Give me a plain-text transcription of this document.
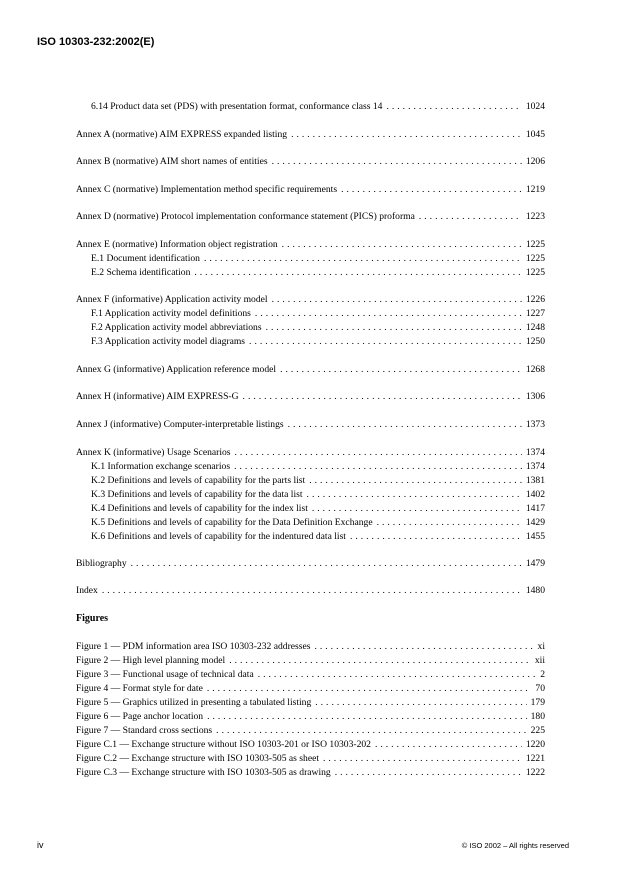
ISO 10303-232:2002(E)
6.14 Product data set (PDS) with presentation format, conformance class 14 . . .	1024
Annex A (normative) AIM EXPRESS expanded listing . . .	1045
Annex B (normative) AIM short names of entities . . .	1206
Annex C (normative) Implementation method specific requirements . . .	1219
Annex D (normative) Protocol implementation conformance statement (PICS) proforma . . .	1223
Annex E (normative) Information object registration . . .	1225
E.1 Document identification . . .	1225
E.2 Schema identification . . .	1225
Annex F (informative) Application activity model . . .	1226
F.1 Application activity model definitions . . .	1227
F.2 Application activity model abbreviations . . .	1248
F.3 Application activity model diagrams . . .	1250
Annex G (informative) Application reference model . . .	1268
Annex H (informative) AIM EXPRESS-G . . .	1306
Annex J (informative) Computer-interpretable listings . . .	1373
Annex K (informative) Usage Scenarios . . .	1374
K.1 Information exchange scenarios . . .	1374
K.2 Definitions and levels of capability for the parts list . . .	1381
K.3 Definitions and levels of capability for the data list . . .	1402
K.4 Definitions and levels of capability for the index list . . .	1417
K.5 Definitions and levels of capability for the Data Definition Exchange . . .	1429
K.6 Definitions and levels of capability for the indentured data list . . .	1455
Bibliography . . .	1479
Index . . .	1480
Figures
Figure 1 — PDM information area ISO 10303-232 addresses . . .	xi
Figure 2 — High level planning model . . .	xii
Figure 3 — Functional usage of technical data . . .	2
Figure 4 — Format style for date . . .	70
Figure 5 — Graphics utilized in presenting a tabulated listing . . .	179
Figure 6 — Page anchor location . . .	180
Figure 7 — Standard cross sections . . .	225
Figure C.1 — Exchange structure without ISO 10303-201 or ISO 10303-202 . . .	1220
Figure C.2 — Exchange structure with ISO 10303-505 as sheet . . .	1221
Figure C.3 — Exchange structure with ISO 10303-505 as drawing . . .	1222
iv	© ISO 2002 – All rights reserved
